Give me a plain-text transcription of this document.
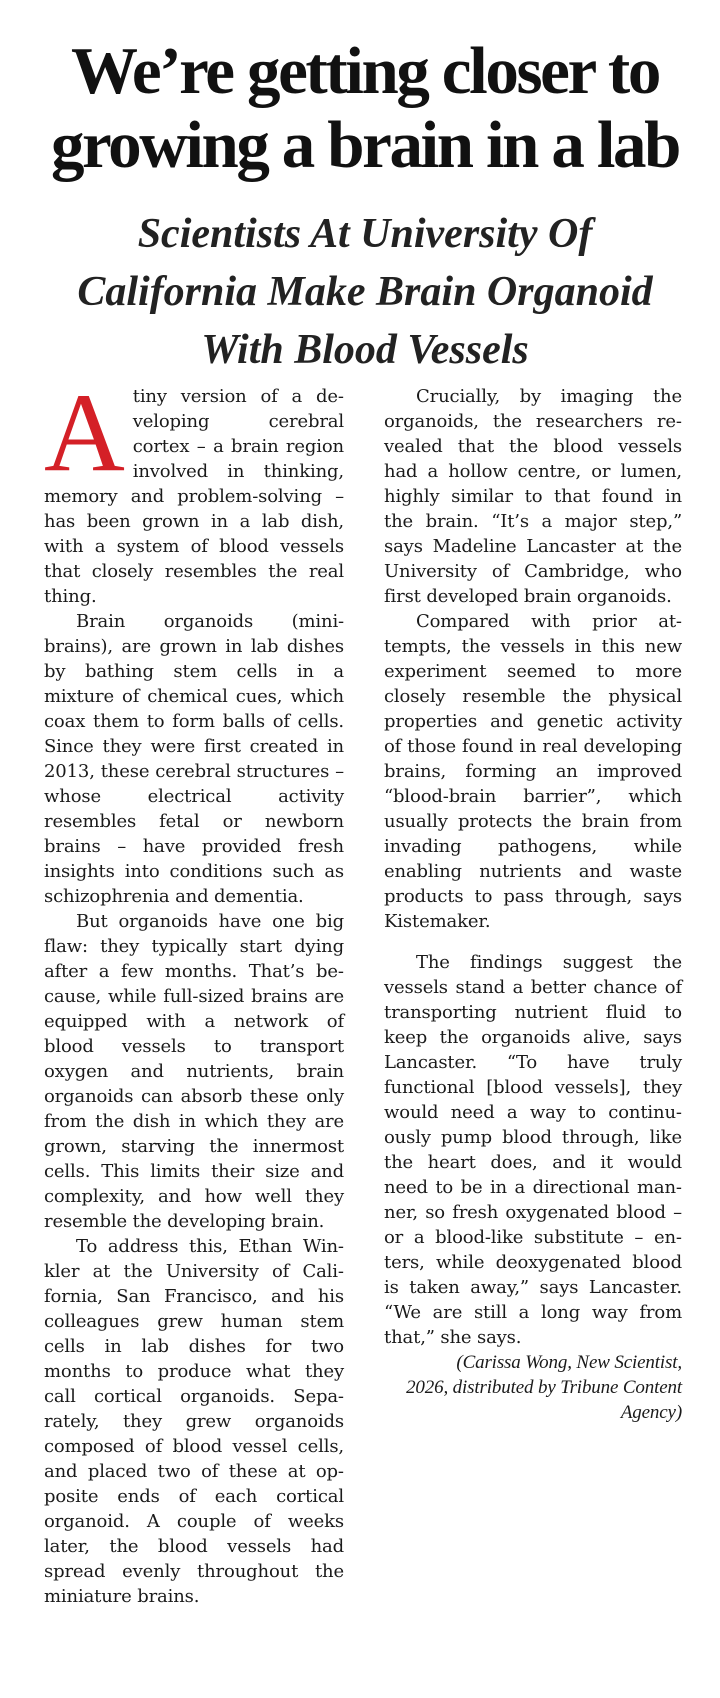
We’re getting closer to growing a brain in a lab
Scientists At University Of California Make Brain Organoid With Blood Vessels

Atiny version of a developing cerebral cortex – a brain region involved in thinking, memory and problem-solving – has been grown in a lab dish, with a system of blood vessels that closely resembles the real thing.

Brain organoids (mini-brains), are grown in lab dishes by bathing stem cells in a mixture of chemical cues, which coax them to form balls of cells. Since they were first created in 2013, these cerebral structures – whose electrical activity resembles fetal or newborn brains – have provided fresh insights into conditions such as schizophrenia and dementia.

But organoids have one big flaw: they typically start dying after a few months. That’s because, while full-sized brains are equipped with a network of blood vessels to transport oxygen and nutrients, brain organoids can absorb these only from the dish in which they are grown, starving the innermost cells. This limits their size and complexity, and how well they resemble the developing brain.

To address this, Ethan Winkler at the University of California, San Francisco, and his colleagues grew human stem cells in lab dishes for two months to produce what they call cortical organoids. Separately, they grew organoids composed of blood vessel cells, and placed two of these at opposite ends of each cortical organoid. A couple of weeks later, the blood vessels had spread evenly throughout the miniature brains.

Crucially, by imaging the organoids, the researchers revealed that the blood vessels had a hollow centre, or lumen, highly similar to that found in the brain. “It’s a major step,” says Madeline Lancaster at the University of Cambridge, who first developed brain organoids.

Compared with prior attempts, the vessels in this new experiment seemed to more closely resemble the physical properties and genetic activity of those found in real developing brains, forming an improved “blood-brain barrier”, which usually protects the brain from invading pathogens, while enabling nutrients and waste products to pass through, says Kistemaker.

The findings suggest the vessels stand a better chance of transporting nutrient fluid to keep the organoids alive, says Lancaster. “To have truly functional [blood vessels], they would need a way to continuously pump blood through, like the heart does, and it would need to be in a directional manner, so fresh oxygenated blood – or a blood-like substitute – enters, while deoxygenated blood is taken away,” says Lancaster. “We are still a long way from that,” she says.

(Carissa Wong, New Scientist, 2026, distributed by Tribune Content Agency)
